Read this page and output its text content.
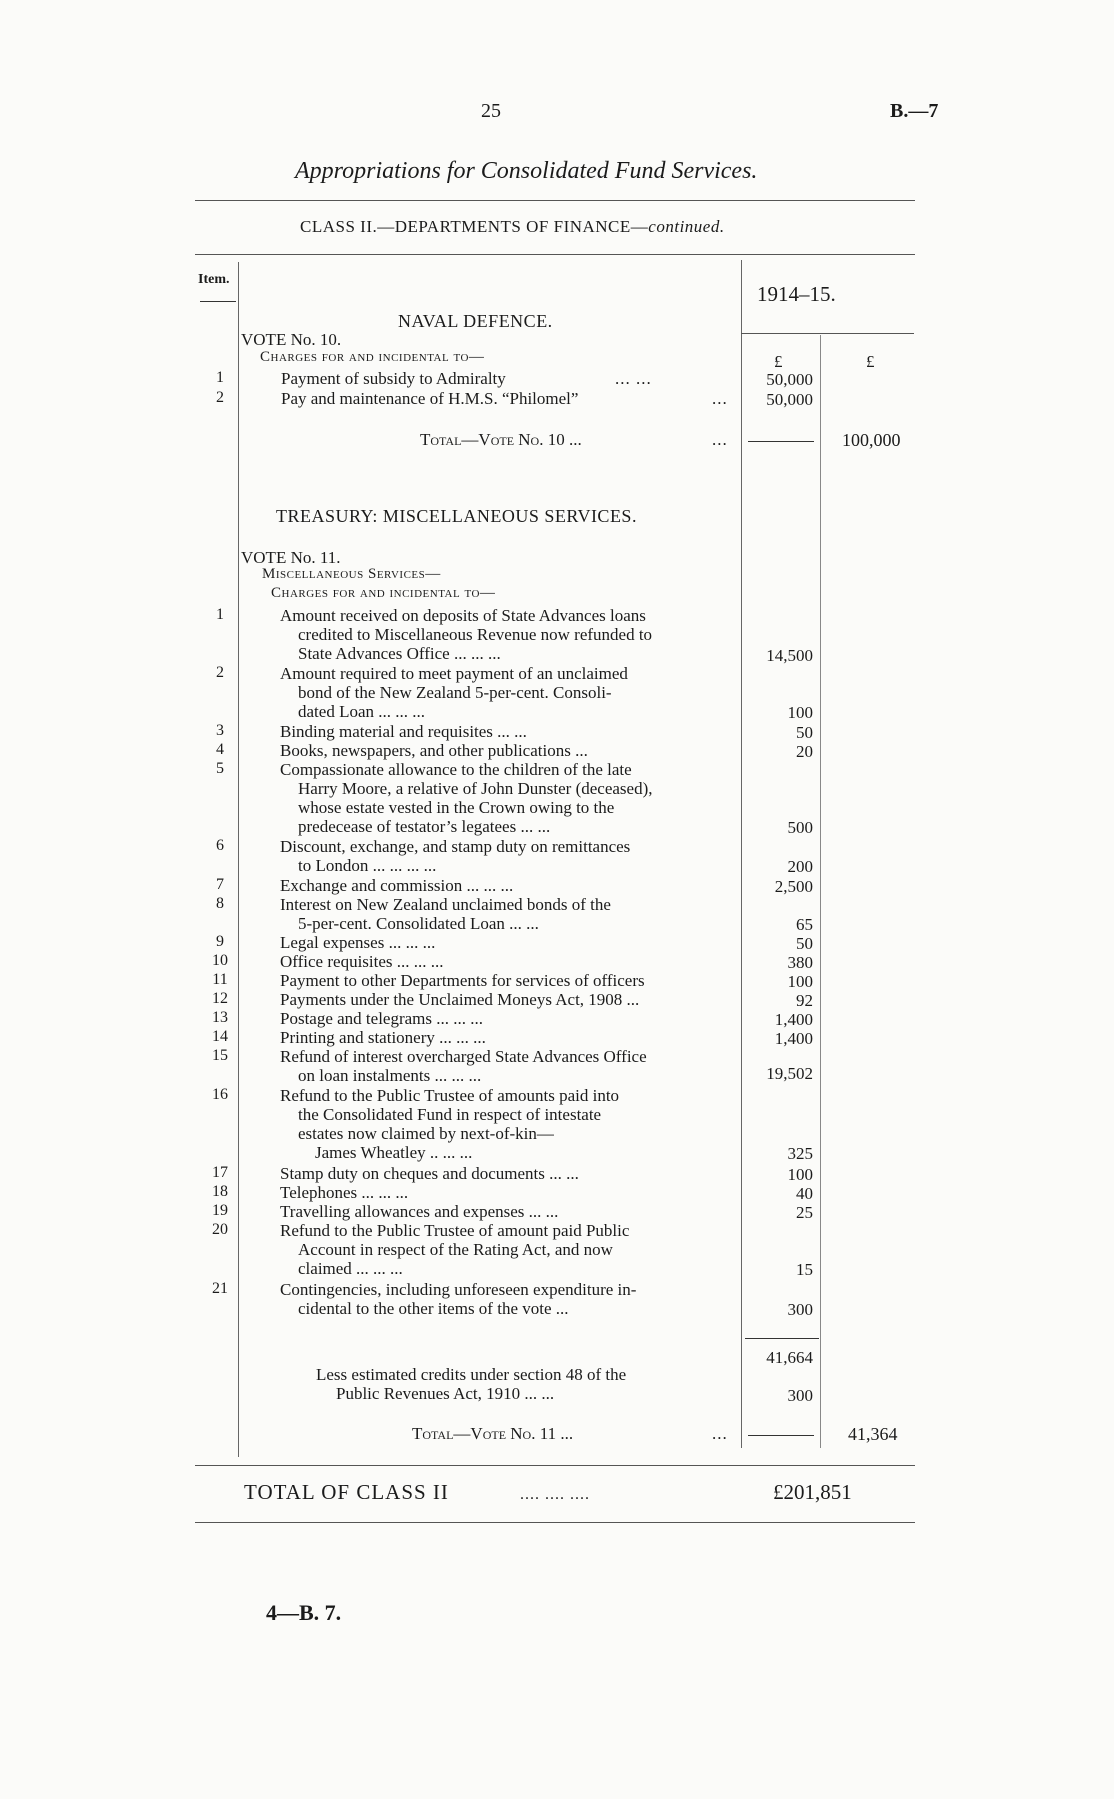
25	B.—7
Appropriations for Consolidated Fund Services.
CLASS II.—DEPARTMENTS OF FINANCE—continued.
Item.
1914–15.
£	£
NAVAL DEFENCE.
VOTE No. 10.
Charges for and incidental to—
1	Payment of subsidy to Admiralty	... ...	50,000
2	Pay and maintenance of H.M.S. “Philomel”	...	50,000
Total—Vote No. 10 ...	...	100,000
TREASURY: MISCELLANEOUS SERVICES.
VOTE No. 11.
Miscellaneous Services—
Charges for and incidental to—
1	Amount received on deposits of State Advances loans
credited to Miscellaneous Revenue now refunded to
State Advances Office ... ... ...	14,500
2	Amount required to meet payment of an unclaimed
bond of the New Zealand 5-per-cent. Consoli-
dated Loan ... ... ...	100
3	Binding material and requisites ... ...	50
4	Books, newspapers, and other publications ...	20
5	Compassionate allowance to the children of the late
Harry Moore, a relative of John Dunster (deceased),
whose estate vested in the Crown owing to the
predecease of testator’s legatees ... ...	500
6	Discount, exchange, and stamp duty on remittances
to London ... ... ... ...	200
7	Exchange and commission ... ... ...	2,500
8	Interest on New Zealand unclaimed bonds of the
5-per-cent. Consolidated Loan ... ...	65
9	Legal expenses ... ... ...	50
10	Office requisites ... ... ...	380
11	Payment to other Departments for services of officers	100
12	Payments under the Unclaimed Moneys Act, 1908 ...	92
13	Postage and telegrams ... ... ...	1,400
14	Printing and stationery ... ... ...	1,400
15	Refund of interest overcharged State Advances Office
on loan instalments ... ... ...	19,502
16	Refund to the Public Trustee of amounts paid into
the Consolidated Fund in respect of intestate
estates now claimed by next-of-kin—
James Wheatley .. ... ...	325
17	Stamp duty on cheques and documents ... ...	100
18	Telephones ... ... ...	40
19	Travelling allowances and expenses ... ...	25
20	Refund to the Public Trustee of amount paid Public
Account in respect of the Rating Act, and now
claimed ... ... ...	15
21	Contingencies, including unforeseen expenditure in-
cidental to the other items of the vote ...	300
41,664
Less estimated credits under section 48 of the
Public Revenues Act, 1910 ... ...	300
Total—Vote No. 11 ...	...	41,364
TOTAL OF CLASS II	.... .... ....	£201,851
4—B. 7.
